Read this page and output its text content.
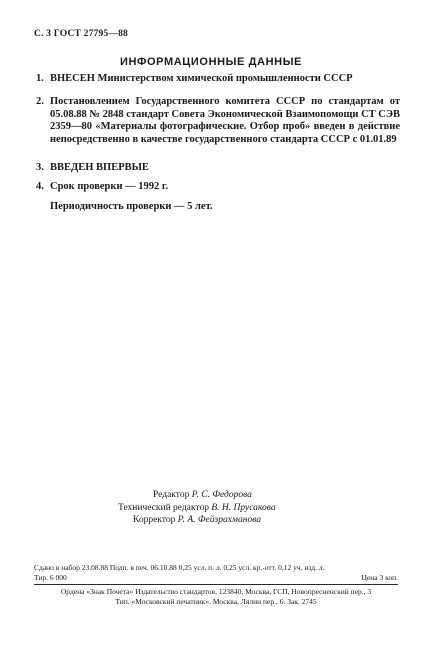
С. 3 ГОСТ 27795—88
ИНФОРМАЦИОННЫЕ ДАННЫЕ
1. ВНЕСЕН Министерством химической промышленности СССР
2. Постановлением Государственного комитета СССР по стандартам от 05.08.88 № 2848 стандарт Совета Экономической Взаимопомощи СТ СЭВ 2359—80 «Материалы фотографические. Отбор проб» введен в действие непосредственно в качестве государственного стандарта СССР с 01.01.89
3. ВВЕДЕН ВПЕРВЫЕ
4. Срок проверки — 1992 г.
Периодичность проверки — 5 лет.
Редактор Р. С. Федорова
Технический редактор В. Н. Прусакова
Корректор Р. А. Фейзрахманова
Сдано в набор 23.08.88 Подп. в печ. 06.10.88 0,25 усл. п. л. 0,25 усл. кр.-отт. 0,12 уч. изд. л.
Тир. 6 000	Цена 3 коп.
Ордена «Знак Почета» Издательство стандартов, 123840, Москва, ГСП, Новопресненский пер., 3
Тип. «Московский печатник». Москва, Лялин пер., 6. Зак. 2745
